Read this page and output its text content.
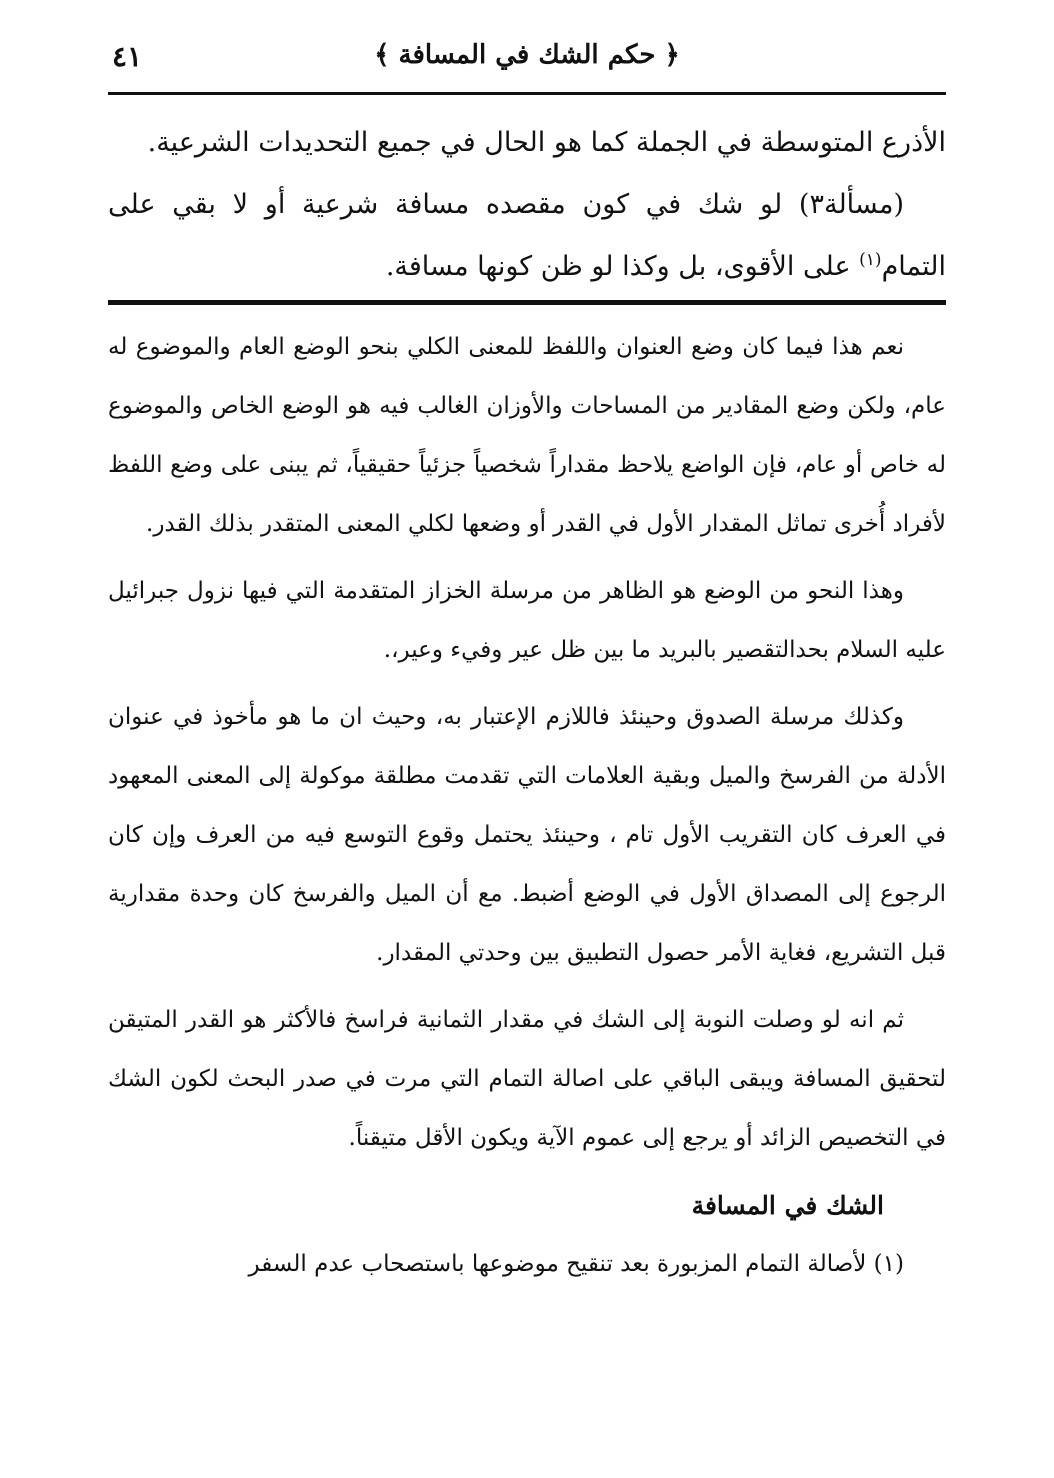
٤١	﴿ حكم الشك في المسافة ﴾

الأذرع المتوسطة في الجملة كما هو الحال في جميع التحديدات الشرعية.

(مسألة٣) لو شك في كون مقصده مسافة شرعية أو لا بقي على التمام$^{(١)}$ على الأقوى، بل وكذا لو ظن كونها مسافة.

نعم هذا فيما كان وضع العنوان واللفظ للمعنى الكلي بنحو الوضع العام والموضوع له عام، ولكن وضع المقادير من المساحات والأوزان الغالب فيه هو الوضع الخاص والموضوع له خاص أو عام، فإن الواضع يلاحظ مقداراً شخصياً جزئياً حقيقياً، ثم يبنى على وضع اللفظ لأفراد أُخرى تماثل المقدار الأول في القدر أو وضعها لكلي المعنى المتقدر بذلك القدر.

وهذا النحو من الوضع هو الظاهر من مرسلة الخزاز المتقدمة التي فيها نزول جبرائيل عليه السلام بحدالتقصير بالبريد ما بين ظل عير وفيء وعير،.

وكذلك مرسلة الصدوق وحينئذ فاللازم الإعتبار به، وحيث ان ما هو مأخوذ في عنوان الأدلة من الفرسخ والميل وبقية العلامات التي تقدمت مطلقة موكولة إلى المعنى المعهود في العرف كان التقريب الأول تام ، وحينئذ يحتمل وقوع التوسع فيه من العرف وإن كان الرجوع إلى المصداق الأول في الوضع أضبط. مع أن الميل والفرسخ كان وحدة مقدارية قبل التشريع، فغاية الأمر حصول التطبيق بين وحدتي المقدار.

ثم انه لو وصلت النوبة إلى الشك في مقدار الثمانية فراسخ فالأكثر هو القدر المتيقن لتحقيق المسافة ويبقى الباقي على اصالة التمام التي مرت في صدر البحث لكون الشك في التخصيص الزائد أو يرجع إلى عموم الآية ويكون الأقل متيقناً.

الشك في المسافة

(١) لأصالة التمام المزبورة بعد تنقيح موضوعها باستصحاب عدم السفر
